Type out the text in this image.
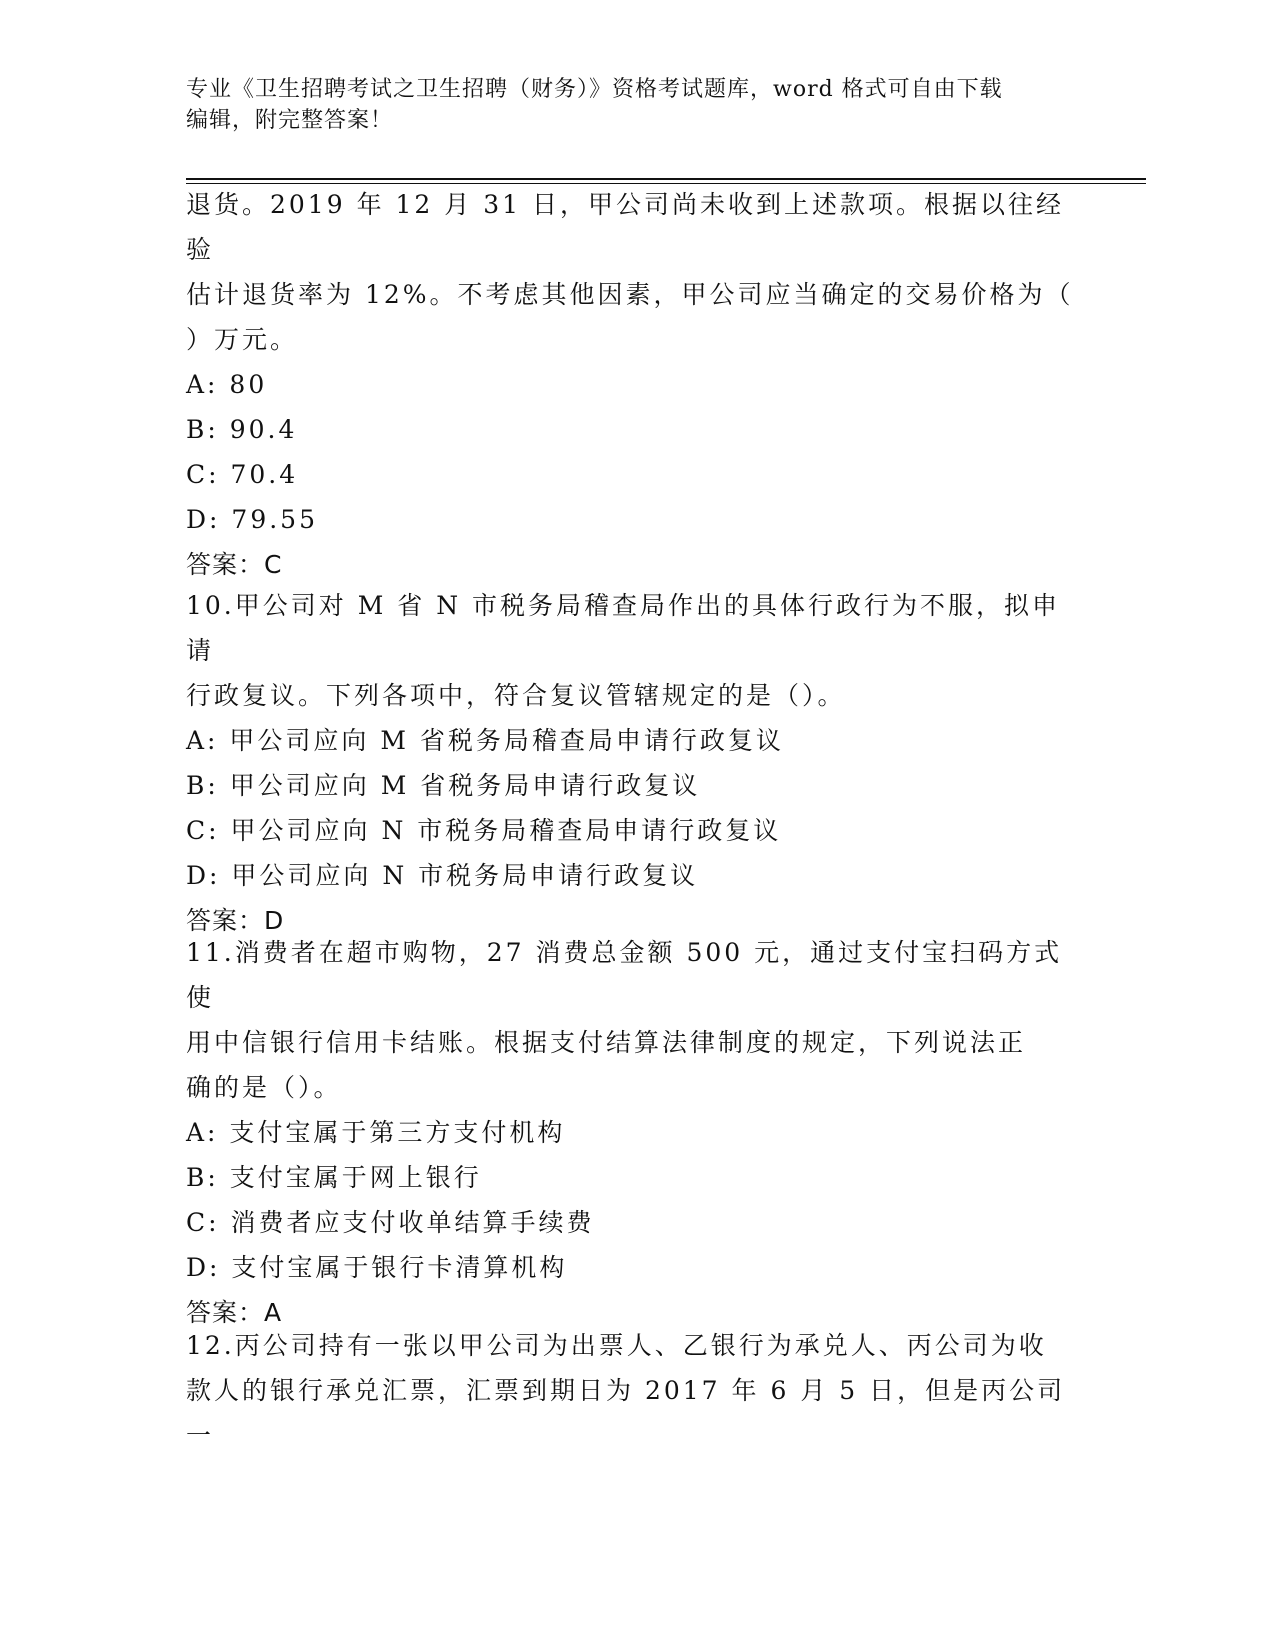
专业《卫生招聘考试之卫生招聘（财务）》资格考试题库，word 格式可自由下载
编辑，附完整答案！
退货。2019 年 12 月 31 日，甲公司尚未收到上述款项。根据以往经验
估计退货率为 12%。不考虑其他因素，甲公司应当确定的交易价格为（
）万元。
A: 80
B: 90.4
C: 70.4
D: 79.55
答案：C
10.甲公司对 M 省 N 市税务局稽查局作出的具体行政行为不服，拟申请
行政复议。下列各项中，符合复议管辖规定的是（）。
A: 甲公司应向 M 省税务局稽查局申请行政复议
B: 甲公司应向 M 省税务局申请行政复议
C: 甲公司应向 N 市税务局稽查局申请行政复议
D: 甲公司应向 N 市税务局申请行政复议
答案：D
11.消费者在超市购物，27 消费总金额 500 元，通过支付宝扫码方式使
用中信银行信用卡结账。根据支付结算法律制度的规定，下列说法正
确的是（）。
A: 支付宝属于第三方支付机构
B: 支付宝属于网上银行
C: 消费者应支付收单结算手续费
D: 支付宝属于银行卡清算机构
答案：A
12.丙公司持有一张以甲公司为出票人、乙银行为承兑人、丙公司为收
款人的银行承兑汇票，汇票到期日为 2017 年 6 月 5 日，但是丙公司一
